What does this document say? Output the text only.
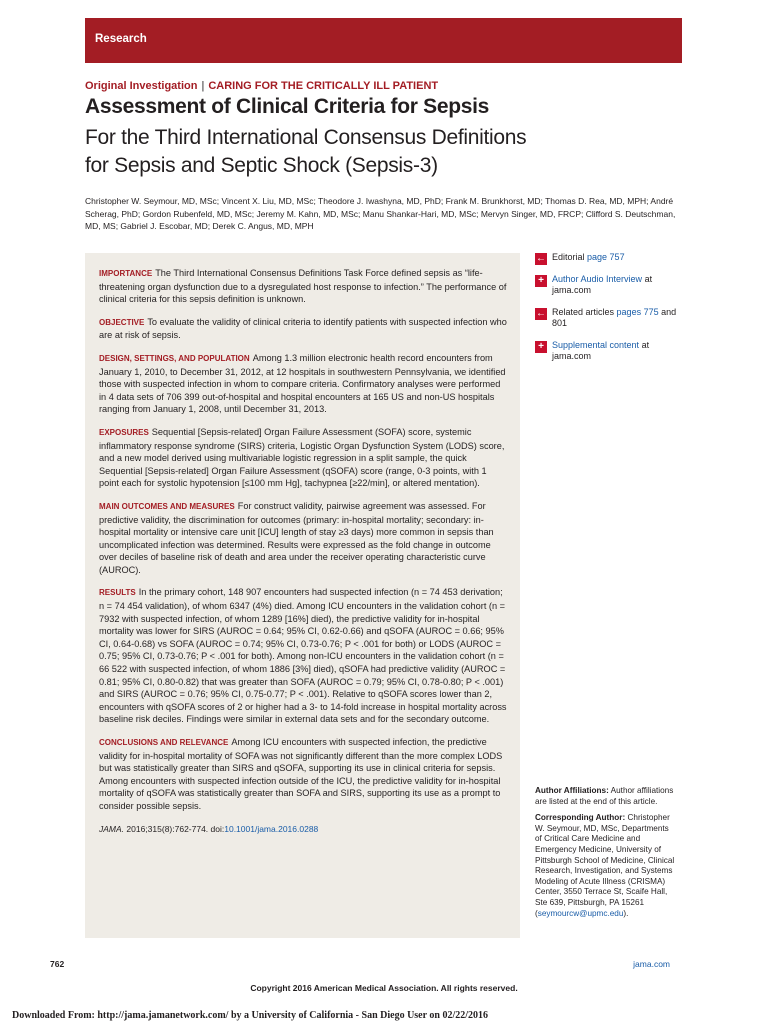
Research
Original Investigation | CARING FOR THE CRITICALLY ILL PATIENT
Assessment of Clinical Criteria for Sepsis
For the Third International Consensus Definitions for Sepsis and Septic Shock (Sepsis-3)
Christopher W. Seymour, MD, MSc; Vincent X. Liu, MD, MSc; Theodore J. Iwashyna, MD, PhD; Frank M. Brunkhorst, MD; Thomas D. Rea, MD, MPH; André Scherag, PhD; Gordon Rubenfeld, MD, MSc; Jeremy M. Kahn, MD, MSc; Manu Shankar-Hari, MD, MSc; Mervyn Singer, MD, FRCP; Clifford S. Deutschman, MD, MS; Gabriel J. Escobar, MD; Derek C. Angus, MD, MPH

IMPORTANCE The Third International Consensus Definitions Task Force defined sepsis as “life-threatening organ dysfunction due to a dysregulated host response to infection.” The performance of clinical criteria for this sepsis definition is unknown.

OBJECTIVE To evaluate the validity of clinical criteria to identify patients with suspected infection who are at risk of sepsis.

DESIGN, SETTINGS, AND POPULATION Among 1.3 million electronic health record encounters from January 1, 2010, to December 31, 2012, at 12 hospitals in southwestern Pennsylvania, we identified those with suspected infection in whom to compare criteria. Confirmatory analyses were performed in 4 data sets of 706 399 out-of-hospital and hospital encounters at 165 US and non-US hospitals ranging from January 1, 2008, until December 31, 2013.

EXPOSURES Sequential [Sepsis-related] Organ Failure Assessment (SOFA) score, systemic inflammatory response syndrome (SIRS) criteria, Logistic Organ Dysfunction System (LODS) score, and a new model derived using multivariable logistic regression in a split sample, the quick Sequential [Sepsis-related] Organ Failure Assessment (qSOFA) score (range, 0-3 points, with 1 point each for systolic hypotension [≤100 mm Hg], tachypnea [≥22/min], or altered mentation).

MAIN OUTCOMES AND MEASURES For construct validity, pairwise agreement was assessed. For predictive validity, the discrimination for outcomes (primary: in-hospital mortality; secondary: in-hospital mortality or intensive care unit [ICU] length of stay ≥3 days) more common in sepsis than uncomplicated infection was determined. Results were expressed as the fold change in outcome over deciles of baseline risk of death and area under the receiver operating characteristic curve (AUROC).

RESULTS In the primary cohort, 148 907 encounters had suspected infection (n = 74 453 derivation; n = 74 454 validation), of whom 6347 (4%) died. Among ICU encounters in the validation cohort (n = 7932 with suspected infection, of whom 1289 [16%] died), the predictive validity for in-hospital mortality was lower for SIRS (AUROC = 0.64; 95% CI, 0.62-0.66) and qSOFA (AUROC = 0.66; 95% CI, 0.64-0.68) vs SOFA (AUROC = 0.74; 95% CI, 0.73-0.76; P < .001 for both) or LODS (AUROC = 0.75; 95% CI, 0.73-0.76; P < .001 for both). Among non-ICU encounters in the validation cohort (n = 66 522 with suspected infection, of whom 1886 [3%] died), qSOFA had predictive validity (AUROC = 0.81; 95% CI, 0.80-0.82) that was greater than SOFA (AUROC = 0.79; 95% CI, 0.78-0.80; P < .001) and SIRS (AUROC = 0.76; 95% CI, 0.75-0.77; P < .001). Relative to qSOFA scores lower than 2, encounters with qSOFA scores of 2 or higher had a 3- to 14-fold increase in hospital mortality across baseline risk deciles. Findings were similar in external data sets and for the secondary outcome.

CONCLUSIONS AND RELEVANCE Among ICU encounters with suspected infection, the predictive validity for in-hospital mortality of SOFA was not significantly different than the more complex LODS but was statistically greater than SIRS and qSOFA, supporting its use in clinical criteria for sepsis. Among encounters with suspected infection outside of the ICU, the predictive validity for in-hospital mortality of qSOFA was statistically greater than SOFA and SIRS, supporting its use as a prompt to consider possible sepsis.

JAMA. 2016;315(8):762-774. doi:10.1001/jama.2016.0288

← Editorial page 757
+ Author Audio Interview at jama.com
← Related articles pages 775 and 801
+ Supplemental content at jama.com

Author Affiliations: Author affiliations are listed at the end of this article.

Corresponding Author: Christopher W. Seymour, MD, MSc, Departments of Critical Care Medicine and Emergency Medicine, University of Pittsburgh School of Medicine, Clinical Research, Investigation, and Systems Modeling of Acute Illness (CRISMA) Center, 3550 Terrace St, Scaife Hall, Ste 639, Pittsburgh, PA 15261 (seymourcw@upmc.edu).

762	jama.com
Copyright 2016 American Medical Association. All rights reserved.
Downloaded From: http://jama.jamanetwork.com/ by a University of California - San Diego User on 02/22/2016
